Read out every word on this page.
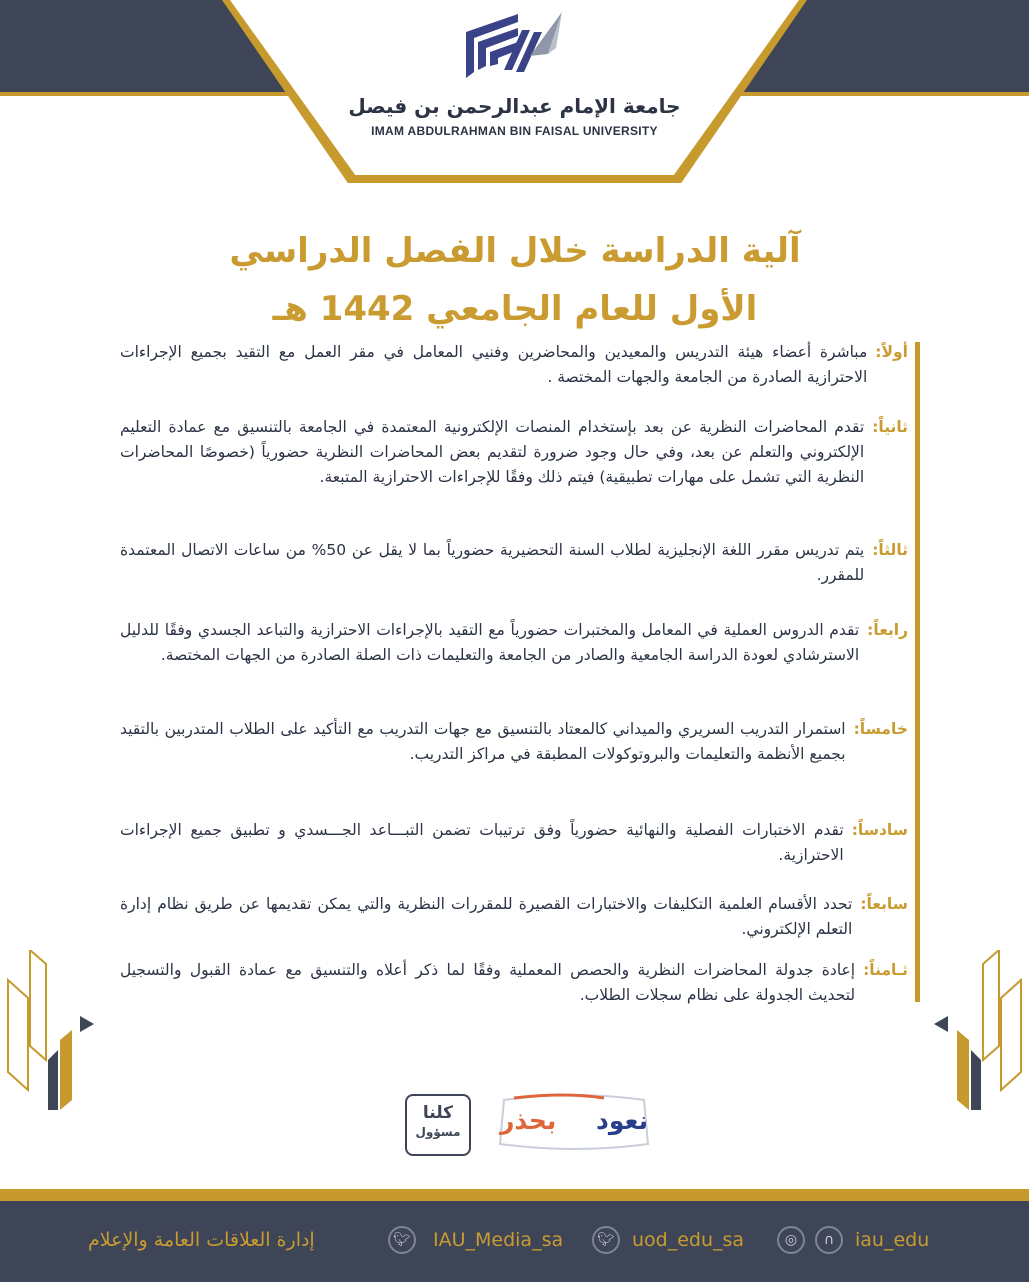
جامعة الإمام عبدالرحمن بن فيصل
IMAM ABDULRAHMAN BIN FAISAL UNIVERSITY
آلية الدراسة خلال الفصل الدراسي
الأول للعام الجامعي 1442 هـ
أولاً:
مباشرة أعضاء هيئة التدريس والمعيدين والمحاضرين وفنيي المعامل في مقر العمل مع التقيد بجميع الإجراءات الاحترازية الصادرة من الجامعة والجهات المختصة .
ثانياً:
تقدم المحاضرات النظرية عن بعد بإستخدام المنصات الإلكترونية المعتمدة في الجامعة بالتنسيق مع عمادة التعليم الإلكتروني والتعلم عن بعد، وفي حال وجود ضرورة لتقديم بعض المحاضرات النظرية حضورياً (خصوصًا المحاضرات النظرية التي تشمل على مهارات تطبيقية) فيتم ذلك وفقًا للإجراءات الاحترازية المتبعة.
ثالثاً:
يتم تدريس مقرر اللغة الإنجليزية لطلاب السنة التحضيرية حضورياً بما لا يقل عن 50% من ساعات الاتصال المعتمدة للمقرر.
رابعاً:
تقدم الدروس العملية في المعامل والمختبرات حضورياً مع التقيد بالإجراءات الاحترازية والتباعد الجسدي وفقًا للدليل الاسترشادي لعودة الدراسة الجامعية والصادر من الجامعة والتعليمات ذات الصلة الصادرة من الجهات المختصة.
خامساً:
استمرار التدريب السريري والميداني كالمعتاد بالتنسيق مع جهات التدريب مع التأكيد على الطلاب المتدربين بالتقيد بجميع الأنظمة والتعليمات والبروتوكولات المطبقة في مراكز التدريب.
سادساً:
تقدم الاختبارات الفصلية والنهائية حضورياً وفق ترتيبات تضمن التبـــاعد الجـــسدي و تطبيق جميع الإجراءات الاحترازية.
سابعاً:
تحدد الأقسام العلمية التكليفات والاختبارات القصيرة للمقررات النظرية والتي يمكن تقديمها عن طريق نظام إدارة التعلم الإلكتروني.
ثـامناً:
إعادة جدولة المحاضرات النظرية والحصص المعملية وفقًا لما ذكر أعلاه والتنسيق مع عمادة القبول والتسجيل لتحديث الجدولة على نظام سجلات الطلاب.
كلنا
مسؤول	نعود
بحذر
إدارة العلاقات العامة والإعلام	🐦︎ IAU_Media_sa	🐦︎ uod_edu_sa	◎	∩	iau_edu
